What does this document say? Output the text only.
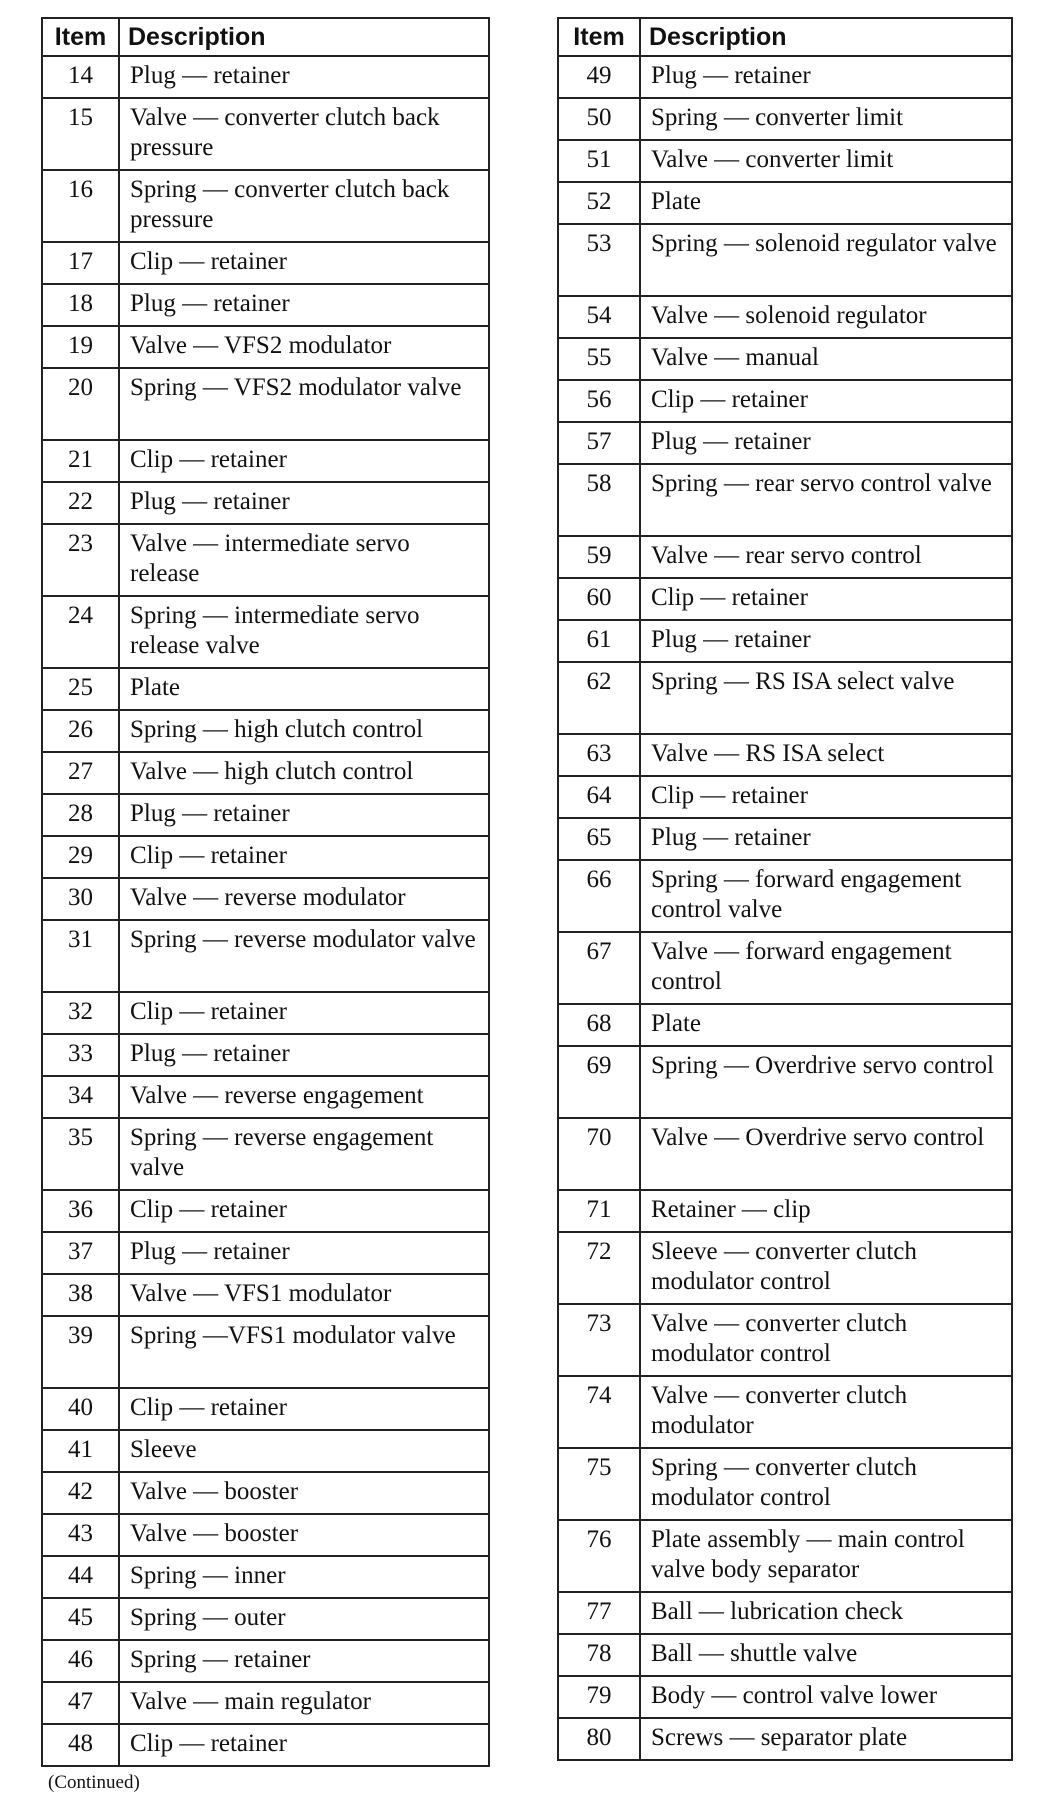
Item	Description
14	Plug — retainer
15	Valve — converter clutch back pressure
16	Spring — converter clutch back pressure
17	Clip — retainer
18	Plug — retainer
19	Valve — VFS2 modulator
20	Spring — VFS2 modulator valve
21	Clip — retainer
22	Plug — retainer
23	Valve — intermediate servo release
24	Spring — intermediate servo release valve
25	Plate
26	Spring — high clutch control
27	Valve — high clutch control
28	Plug — retainer
29	Clip — retainer
30	Valve — reverse modulator
31	Spring — reverse modulator valve
32	Clip — retainer
33	Plug — retainer
34	Valve — reverse engagement
35	Spring — reverse engagement valve
36	Clip — retainer
37	Plug — retainer
38	Valve — VFS1 modulator
39	Spring —VFS1 modulator valve
40	Clip — retainer
41	Sleeve
42	Valve — booster
43	Valve — booster
44	Spring — inner
45	Spring — outer
46	Spring — retainer
47	Valve — main regulator
48	Clip — retainer
Item	Description
49	Plug — retainer
50	Spring — converter limit
51	Valve — converter limit
52	Plate
53	Spring — solenoid regulator valve
54	Valve — solenoid regulator
55	Valve — manual
56	Clip — retainer
57	Plug — retainer
58	Spring — rear servo control valve
59	Valve — rear servo control
60	Clip — retainer
61	Plug — retainer
62	Spring — RS ISA select valve
63	Valve — RS ISA select
64	Clip — retainer
65	Plug — retainer
66	Spring — forward engagement control valve
67	Valve — forward engagement control
68	Plate
69	Spring — Overdrive servo control
70	Valve — Overdrive servo control
71	Retainer — clip
72	Sleeve — converter clutch modulator control
73	Valve — converter clutch modulator control
74	Valve — converter clutch modulator
75	Spring — converter clutch modulator control
76	Plate assembly — main control valve body separator
77	Ball — lubrication check
78	Ball — shuttle valve
79	Body — control valve lower
80	Screws — separator plate
(Continued)
